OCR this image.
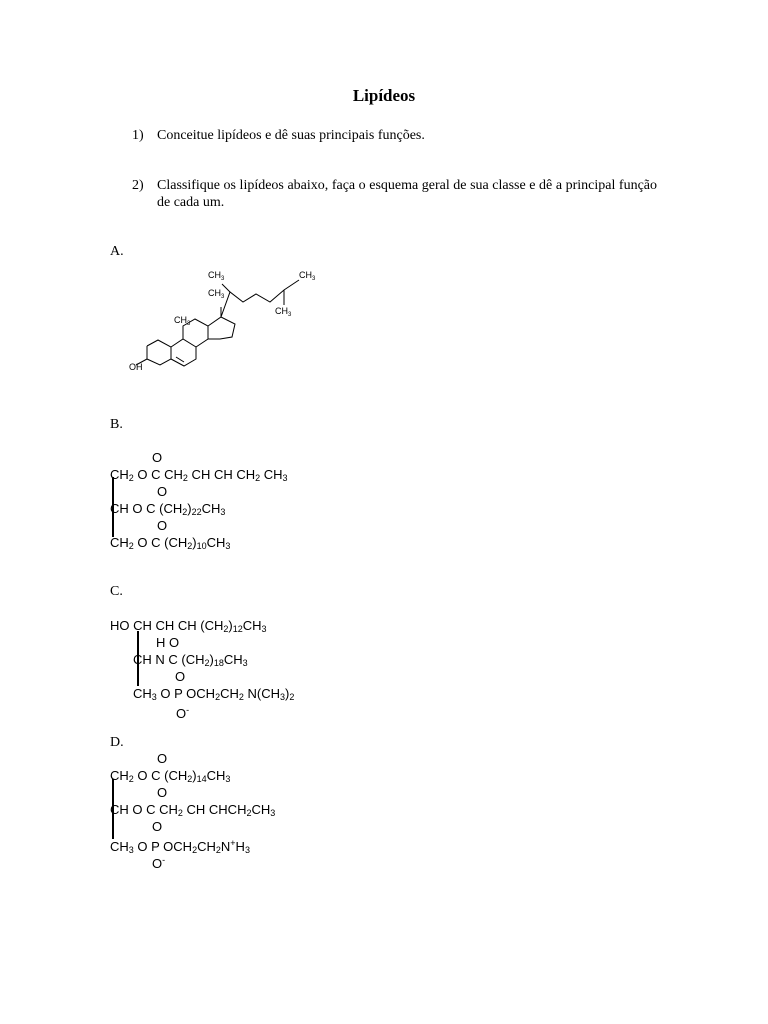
Lipídeos
1) Conceitue lipídeos e dê suas principais funções.
2) Classifique os lipídeos abaixo, faça o esquema geral de sua classe e dê a principal função de cada um.
A.
OH
$CH_3$
$CH_3$
$CH_3$	$CH_3$
$CH_3$
B.
O
$CH_2$ O C $CH_2$ CH CH $CH_2$ $CH_3$
O
CH O C $(CH_2)_{22}CH_3$
O
$CH_2$ O C $(CH_2)_{10}CH_3$
C.
HO CH CH CH $(CH_2)_{12}CH_3$
H O
CH N C $(CH_2)_{18}CH_3$
O
$CH_3$ O P $OCH_2CH_2$ $N(CH_3)_2$
O-
D.
O
$CH_2$ O C $(CH_2)_{14}CH_3$
O
CH O C $CH_2$ CH $CHCH_2CH_3$
O
$CH_3$ O P $OCH_2CH_2N^+H_3$
O-
